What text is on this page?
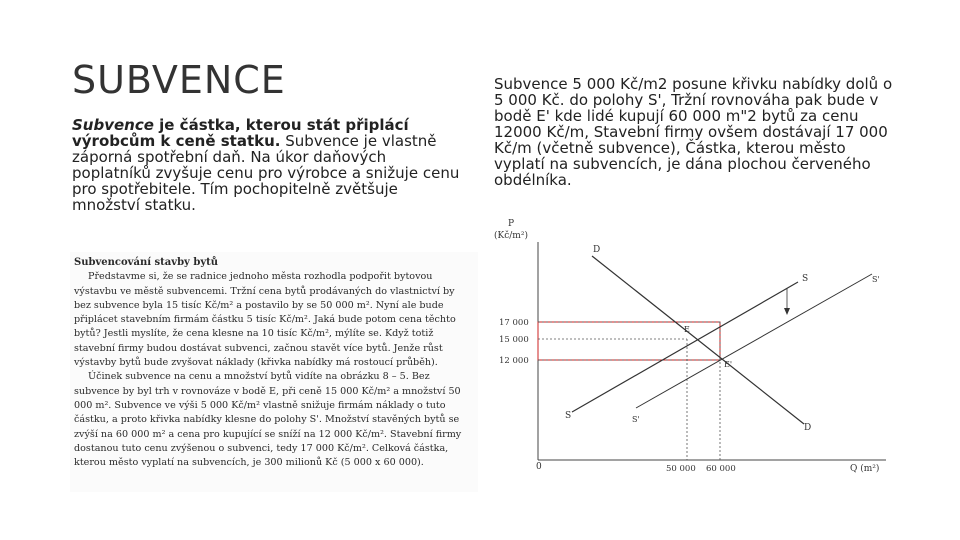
SUBVENCE

Subvence je částka, kterou stát připlácí výrobcům k ceně statku. Subvence je vlastně záporná spotřební daň. Na úkor daňových poplatníků zvyšuje cenu pro výrobce a snižuje cenu pro spotřebitele. Tím pochopitelně zvětšuje množství statku.

Subvence 5 000 Kč/m2 posune křivku nabídky dolů o 5 000 Kč. do polohy S', Tržní rovnováha pak bude v bodě E' kde lidé kupují 60 000 m"2 bytů za cenu 12000 Kč/m, Stavební firmy ovšem dostávají 17 000 Kč/m (včetně subvence), Částka, kterou město vyplatí na subvencích, je dána plochou červeného obdélníka.

Subvencování stavby bytů

Představme si, že se radnice jednoho města rozhodla podpořit bytovou výstavbu ve městě subvencemi. Tržní cena bytů prodávaných do vlastnictví by bez subvence byla 15 tisíc Kč/m² a postavilo by se 50 000 m². Nyní ale bude připlácet stavebním firmám částku 5 tisíc Kč/m². Jaká bude potom cena těchto bytů? Jestli myslíte, že cena klesne na 10 tisíc Kč/m², mýlíte se. Když totiž stavební firmy budou dostávat subvenci, začnou stavět více bytů. Jenže růst výstavby bytů bude zvyšovat náklady (křivka nabídky má rostoucí průběh).

Účinek subvence na cenu a množství bytů vidíte na obrázku 8 – 5. Bez subvence by byl trh v rovnováze v bodě E, při ceně 15 000 Kč/m² a množství 50 000 m². Subvence ve výši 5 000 Kč/m² vlastně snižuje firmám náklady o tuto částku, a proto křivka nabídky klesne do polohy S'. Množství stavěných bytů se zvýší na 60 000 m² a cena pro kupující se sníží na 12 000 Kč/m². Stavební firmy dostanou tuto cenu zvýšenou o subvenci, tedy 17 000 Kč/m². Celková částka, kterou město vyplatí na subvencích, je 300 milionů Kč (5 000 x 60 000).

P
(Kč/m²)
Q (m²)
0
17 000
15 000
12 000
50 000 60 000
D
D
S
S
S'
S'
E
E'
